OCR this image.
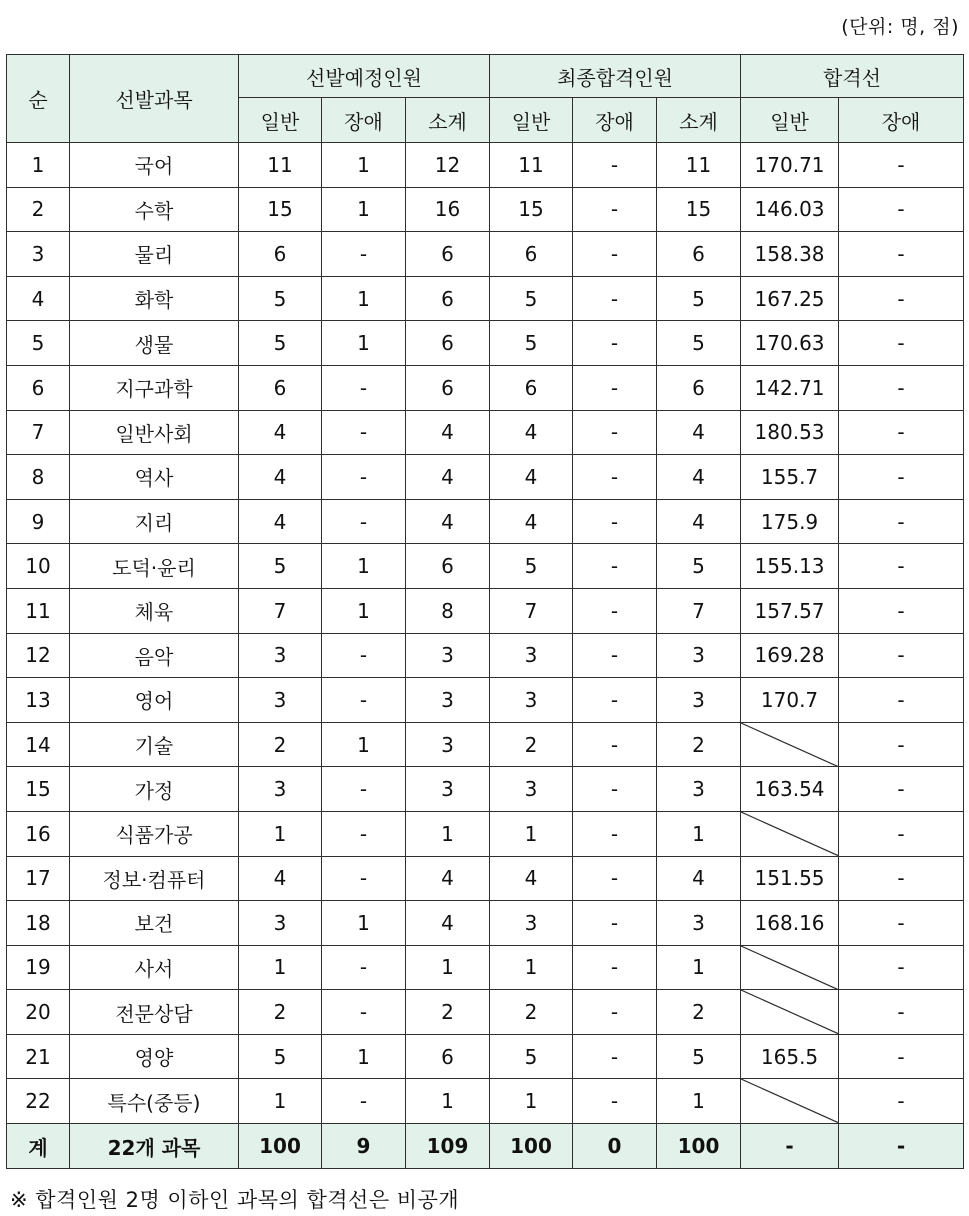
(단위: 명, 점)
순	선발과목	선발예정인원			최종합격인원			합격선	
		일반	장애	소계	일반	장애	소계	일반	장애
1	국어	11	1	12	11	-	11	170.71	-
2	수학	15	1	16	15	-	15	146.03	-
3	물리	6	-	6	6	-	6	158.38	-
4	화학	5	1	6	5	-	5	167.25	-
5	생물	5	1	6	5	-	5	170.63	-
6	지구과학	6	-	6	6	-	6	142.71	-
7	일반사회	4	-	4	4	-	4	180.53	-
8	역사	4	-	4	4	-	4	155.7	-
9	지리	4	-	4	4	-	4	175.9	-
10	도덕·윤리	5	1	6	5	-	5	155.13	-
11	체육	7	1	8	7	-	7	157.57	-
12	음악	3	-	3	3	-	3	169.28	-
13	영어	3	-	3	3	-	3	170.7	-
14	기술	2	1	3	2	-	2		-
15	가정	3	-	3	3	-	3	163.54	-
16	식품가공	1	-	1	1	-	1		-
17	정보·컴퓨터	4	-	4	4	-	4	151.55	-
18	보건	3	1	4	3	-	3	168.16	-
19	사서	1	-	1	1	-	1		-
20	전문상담	2	-	2	2	-	2		-
21	영양	5	1	6	5	-	5	165.5	-
22	특수(중등)	1	-	1	1	-	1		-
계	22개 과목	100	9	109	100	0	100	-	-
※ 합격인원 2명 이하인 과목의 합격선은 비공개
